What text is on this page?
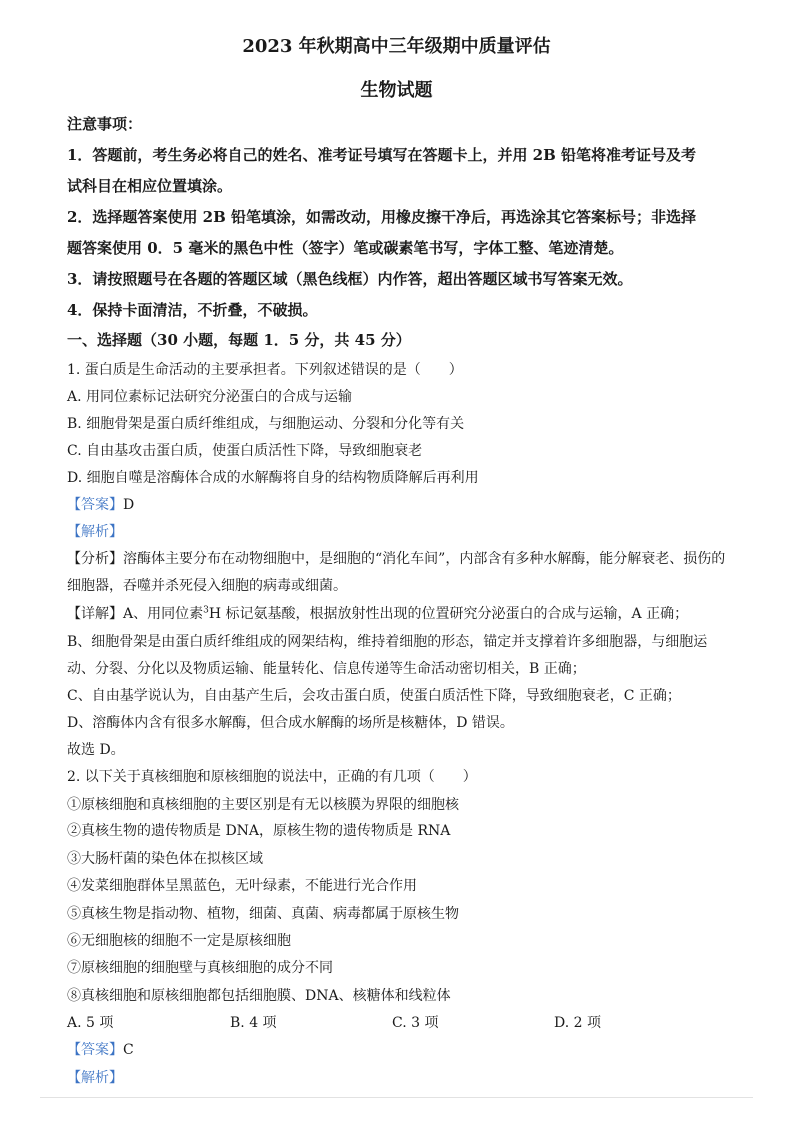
2023 年秋期高中三年级期中质量评估
生物试题
注意事项：
1．答题前，考生务必将自己的姓名、准考证号填写在答题卡上，并用 2B 铅笔将准考证号及考
试科目在相应位置填涂。
2．选择题答案使用 2B 铅笔填涂，如需改动，用橡皮擦干净后，再选涂其它答案标号；非选择
题答案使用 0．5 毫米的黑色中性（签字）笔或碳素笔书写，字体工整、笔迹清楚。
3．请按照题号在各题的答题区域（黑色线框）内作答，超出答题区域书写答案无效。
4．保持卡面清洁，不折叠，不破损。
一、选择题（30 小题，每题 1．5 分，共 45 分）
1. 蛋白质是生命活动的主要承担者。下列叙述错误的是（　　）
A. 用同位素标记法研究分泌蛋白的合成与运输
B. 细胞骨架是蛋白质纤维组成，与细胞运动、分裂和分化等有关
C. 自由基攻击蛋白质，使蛋白质活性下降，导致细胞衰老
D. 细胞自噬是溶酶体合成的水解酶将自身的结构物质降解后再利用
【答案】D
【解析】
【分析】溶酶体主要分布在动物细胞中，是细胞的“消化车间”，内部含有多种水解酶，能分解衰老、损伤的
细胞器，吞噬并杀死侵入细胞的病毒或细菌。
【详解】A、用同位素$^3$H 标记氨基酸，根据放射性出现的位置研究分泌蛋白的合成与运输，A 正确；
B、细胞骨架是由蛋白质纤维组成的网架结构，维持着细胞的形态，锚定并支撑着许多细胞器，与细胞运
动、分裂、分化以及物质运输、能量转化、信息传递等生命活动密切相关，B 正确；
C、自由基学说认为，自由基产生后，会攻击蛋白质，使蛋白质活性下降，导致细胞衰老，C 正确；
D、溶酶体内含有很多水解酶，但合成水解酶的场所是核糖体，D 错误。
故选 D。
2. 以下关于真核细胞和原核细胞的说法中，正确的有几项（　　）
①原核细胞和真核细胞的主要区别是有无以核膜为界限的细胞核
②真核生物的遗传物质是 DNA，原核生物的遗传物质是 RNA
③大肠杆菌的染色体在拟核区域
④发菜细胞群体呈黑蓝色，无叶绿素，不能进行光合作用
⑤真核生物是指动物、植物，细菌、真菌、病毒都属于原核生物
⑥无细胞核的细胞不一定是原核细胞
⑦原核细胞的细胞壁与真核细胞的成分不同
⑧真核细胞和原核细胞都包括细胞膜、DNA、核糖体和线粒体
A. 5 项	B. 4 项	C. 3 项	D. 2 项
【答案】C
【解析】
